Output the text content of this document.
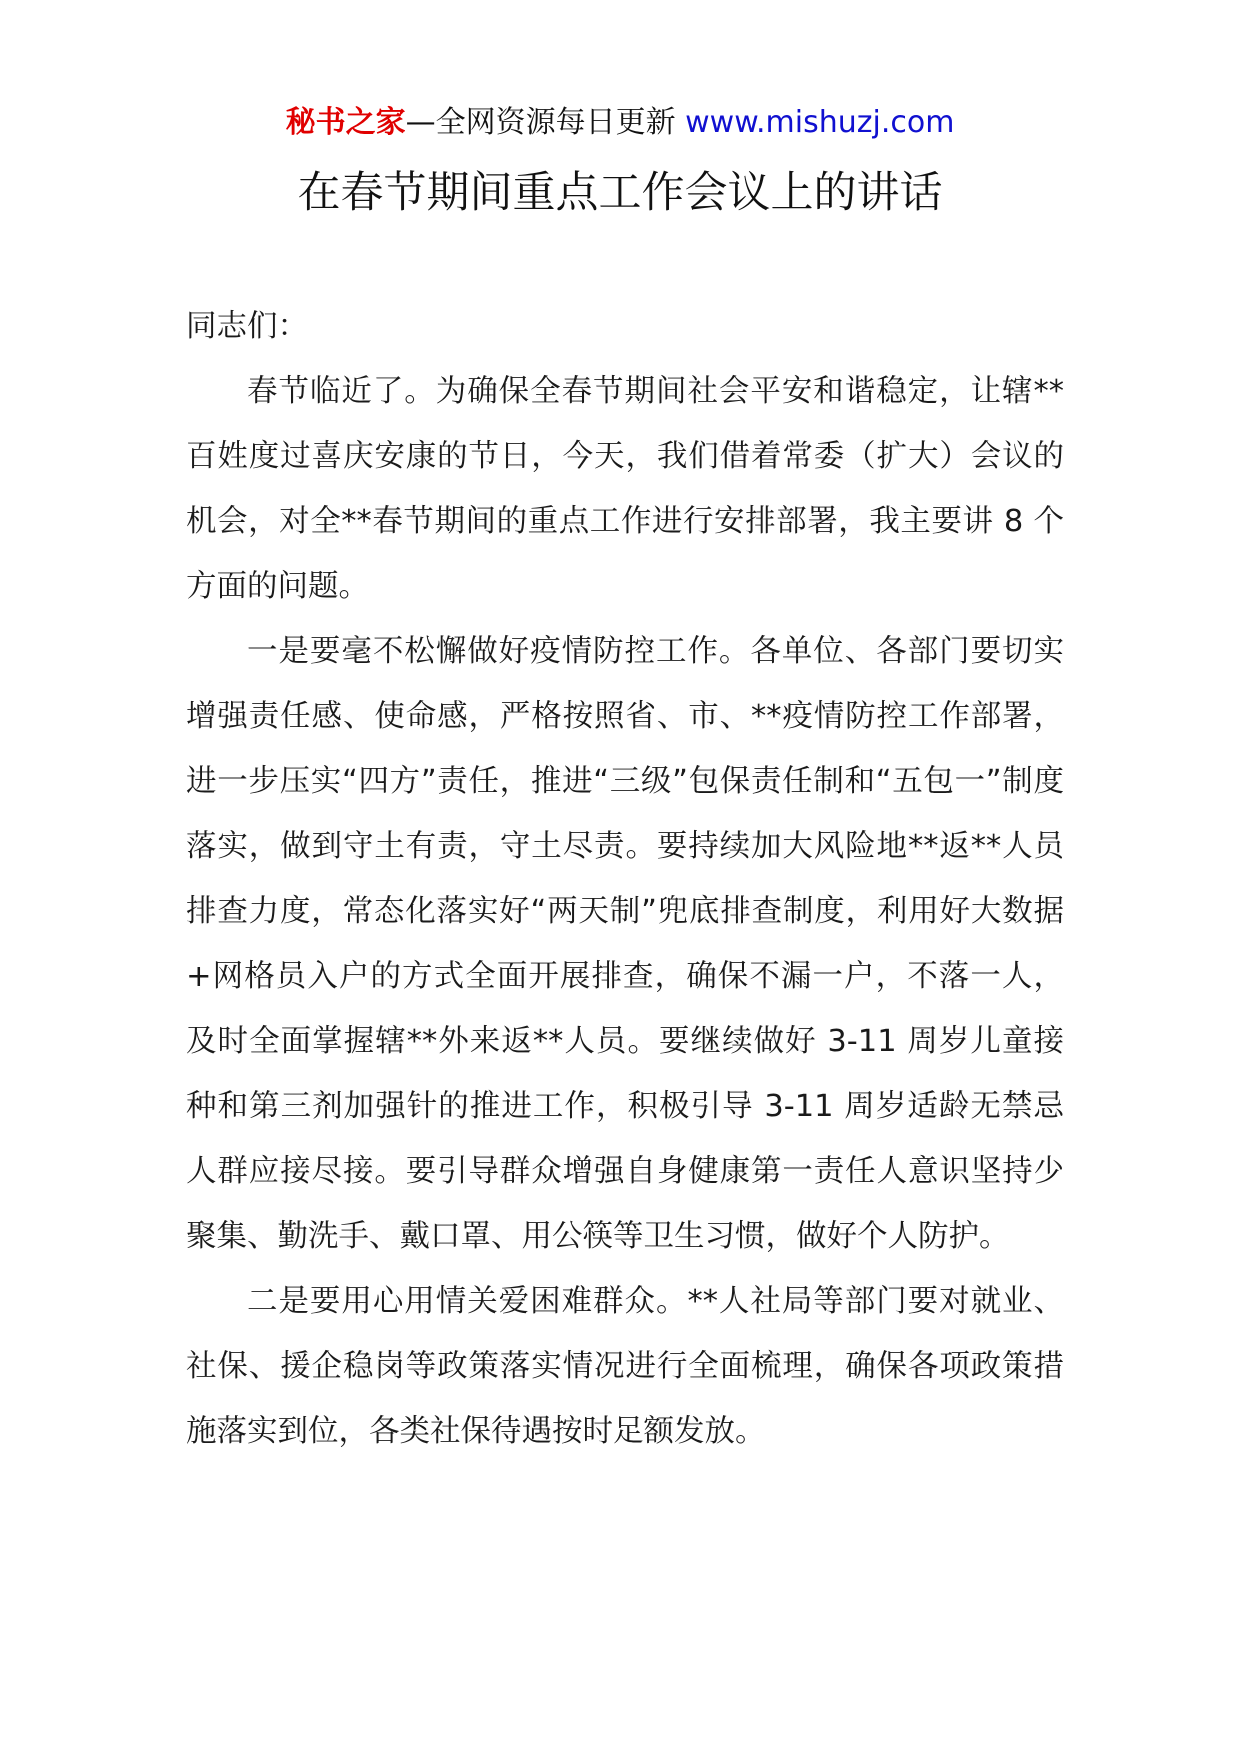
秘书之家—全网资源每日更新 www.mishuzj.com
在春节期间重点工作会议上的讲话

同志们：

春节临近了。为确保全春节期间社会平安和谐稳定，让辖**百姓度过喜庆安康的节日，今天，我们借着常委（扩大）会议的机会，对全**春节期间的重点工作进行安排部署，我主要讲 8 个方面的问题。

一是要毫不松懈做好疫情防控工作。各单位、各部门要切实增强责任感、使命感，严格按照省、市、**疫情防控工作部署，进一步压实“四方”责任，推进“三级”包保责任制和“五包一”制度落实，做到守土有责，守土尽责。要持续加大风险地**返**人员排查力度，常态化落实好“两天制”兜底排查制度，利用好大数据+网格员入户的方式全面开展排查，确保不漏一户，不落一人，及时全面掌握辖**外来返**人员。要继续做好 3-11 周岁儿童接种和第三剂加强针的推进工作，积极引导 3-11 周岁适龄无禁忌人群应接尽接。要引导群众增强自身健康第一责任人意识坚持少聚集、勤洗手、戴口罩、用公筷等卫生习惯，做好个人防护。

二是要用心用情关爱困难群众。**人社局等部门要对就业、社保、援企稳岗等政策落实情况进行全面梳理，确保各项政策措施落实到位，各类社保待遇按时足额发放。
